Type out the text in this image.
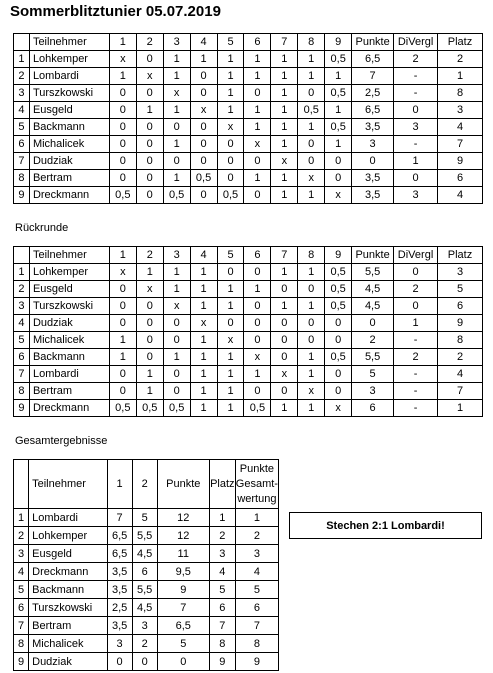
Sommerblitztunier 05.07.2019
	Teilnehmer	1	2	3	4	5	6	7	8	9	Punkte	DiVergl	Platz
1	Lohkemper	x	0	1	1	1	1	1	1	0,5	6,5	2	2
2	Lombardi	1	x	1	0	1	1	1	1	1	7	-	1
3	Turszkowski	0	0	x	0	1	0	1	0	0,5	2,5	-	8
4	Eusgeld	0	1	1	x	1	1	1	0,5	1	6,5	0	3
5	Backmann	0	0	0	0	x	1	1	1	0,5	3,5	3	4
6	Michalicek	0	0	1	0	0	x	1	0	1	3	-	7
7	Dudziak	0	0	0	0	0	0	x	0	0	0	1	9
8	Bertram	0	0	1	0,5	0	1	1	x	0	3,5	0	6
9	Dreckmann	0,5	0	0,5	0	0,5	0	1	1	x	3,5	3	4
Rückrunde
	Teilnehmer	1	2	3	4	5	6	7	8	9	Punkte	DiVergl	Platz
1	Lohkemper	x	1	1	1	0	0	1	1	0,5	5,5	0	3
2	Eusgeld	0	x	1	1	1	1	0	0	0,5	4,5	2	5
3	Turszkowski	0	0	x	1	1	0	1	1	0,5	4,5	0	6
4	Dudziak	0	0	0	x	0	0	0	0	0	0	1	9
5	Michalicek	1	0	0	1	x	0	0	0	0	2	-	8
6	Backmann	1	0	1	1	1	x	0	1	0,5	5,5	2	2
7	Lombardi	0	1	0	1	1	1	x	1	0	5	-	4
8	Bertram	0	1	0	1	1	0	0	x	0	3	-	7
9	Dreckmann	0,5	0,5	0,5	1	1	0,5	1	1	x	6	-	1
Gesamtergebnisse
	Teilnehmer	1	2	Punkte	Platz	Punkte Gesamt-wertung
1	Lombardi	7	5	12	1	1
2	Lohkemper	6,5	5,5	12	2	2
3	Eusgeld	6,5	4,5	11	3	3
4	Dreckmann	3,5	6	9,5	4	4
5	Backmann	3,5	5,5	9	5	5
6	Turszkowski	2,5	4,5	7	6	6
7	Bertram	3,5	3	6,5	7	7
8	Michalicek	3	2	5	8	8
9	Dudziak	0	0	0	9	9
Stechen 2:1 Lombardi!
